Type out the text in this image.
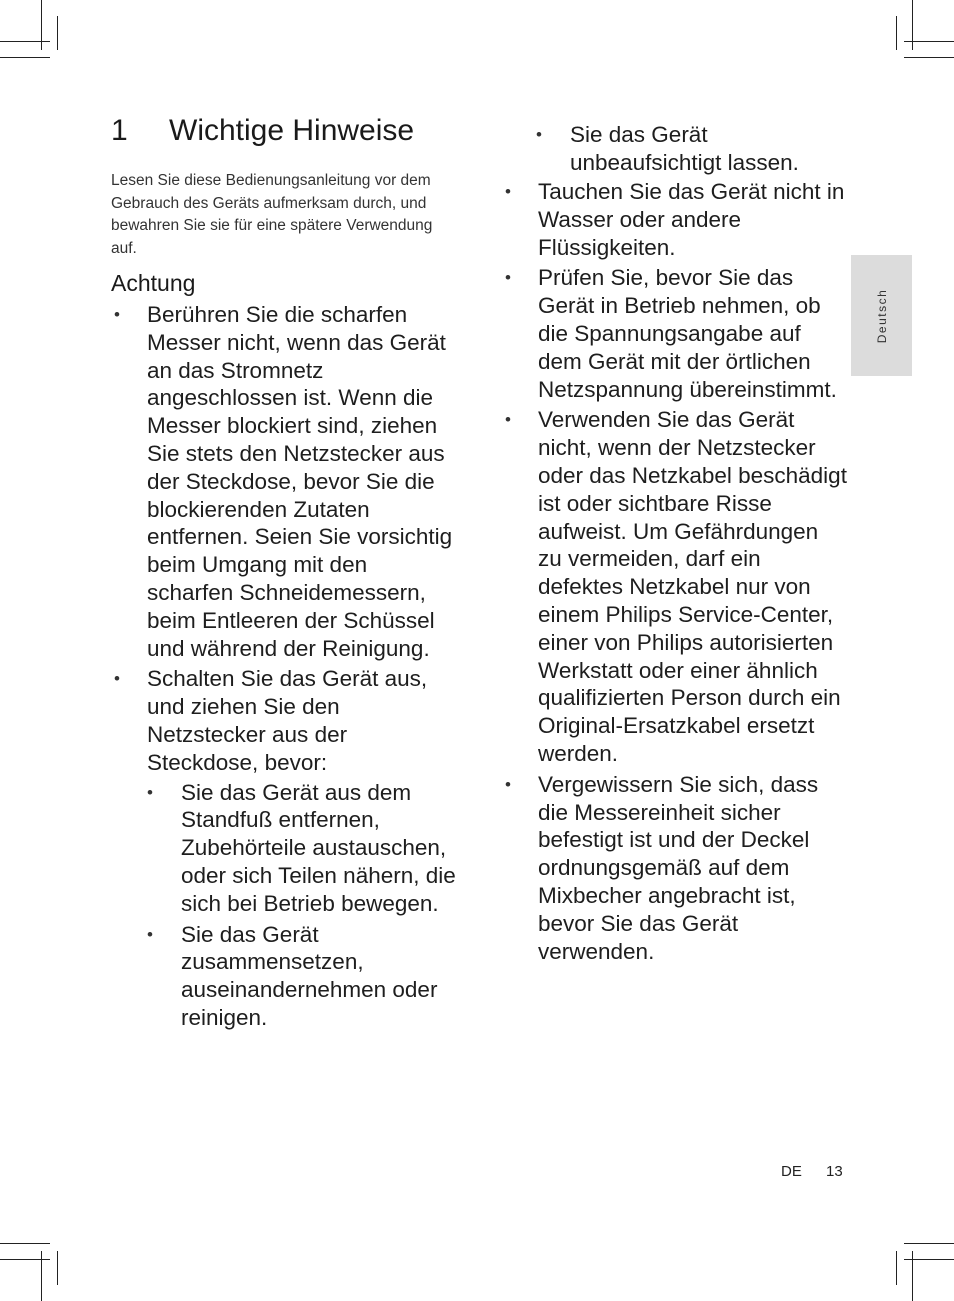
Deutsch
1 Wichtige Hinweise

Lesen Sie diese Bedienungsanleitung vor dem Gebrauch des Geräts aufmerksam durch, und bewahren Sie sie für eine spätere Verwendung auf.

Achtung
• Berühren Sie die scharfen Messer nicht, wenn das Gerät an das Stromnetz angeschlossen ist. Wenn die Messer blockiert sind, ziehen Sie stets den Netzstecker aus der Steckdose, bevor Sie die blockierenden Zutaten entfernen. Seien Sie vorsichtig beim Umgang mit den scharfen Schneidemessern, beim Entleeren der Schüssel und während der Reinigung.
• Schalten Sie das Gerät aus, und ziehen Sie den Netzstecker aus der Steckdose, bevor:
• Sie das Gerät aus dem Standfuß entfernen, Zubehörteile austauschen, oder sich Teilen nähern, die sich bei Betrieb bewegen.
• Sie das Gerät zusammensetzen, auseinandernehmen oder reinigen.
• Sie das Gerät unbeaufsichtigt lassen.
• Tauchen Sie das Gerät nicht in Wasser oder andere Flüssigkeiten.
• Prüfen Sie, bevor Sie das Gerät in Betrieb nehmen, ob die Spannungsangabe auf dem Gerät mit der örtlichen Netzspannung übereinstimmt.
• Verwenden Sie das Gerät nicht, wenn der Netzstecker oder das Netzkabel beschädigt ist oder sichtbare Risse aufweist. Um Gefährdungen zu vermeiden, darf ein defektes Netzkabel nur von einem Philips Service-Center, einer von Philips autorisierten Werkstatt oder einer ähnlich qualifizierten Person durch ein Original-Ersatzkabel ersetzt werden.
• Vergewissern Sie sich, dass die Messereinheit sicher befestigt ist und der Deckel ordnungsgemäß auf dem Mixbecher angebracht ist, bevor Sie das Gerät verwenden.
DE 13
